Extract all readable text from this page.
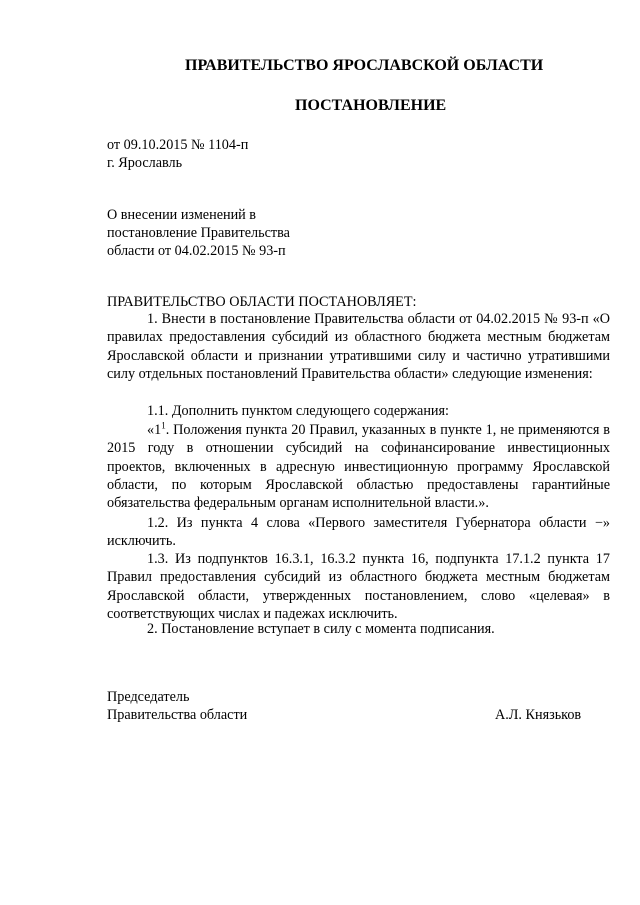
ПРАВИТЕЛЬСТВО ЯРОСЛАВСКОЙ ОБЛАСТИ
ПОСТАНОВЛЕНИЕ
от 09.10.2015 № 1104-п
г. Ярославль
О внесении изменений в
постановление Правительства
области от 04.02.2015 № 93-п
ПРАВИТЕЛЬСТВО ОБЛАСТИ ПОСТАНОВЛЯЕТ:
1. Внести в постановление Правительства области от 04.02.2015 № 93-п «О правилах предоставления субсидий из областного бюджета местным бюджетам Ярославской области и признании утратившими силу и частично утратившими силу отдельных постановлений Правительства области» следующие изменения:
1.1. Дополнить пунктом следующего содержания:
«$1^1$. Положения пункта 20 Правил, указанных в пункте 1, не применяются в 2015 году в отношении субсидий на софинансирование инвестиционных проектов, включенных в адресную инвестиционную программу Ярославской области, по которым Ярославской областью предоставлены гарантийные обязательства федеральным органам исполнительной власти.».
1.2. Из пункта 4 слова «Первого заместителя Губернатора области −» исключить.
1.3. Из подпунктов 16.3.1, 16.3.2 пункта 16, подпункта 17.1.2 пункта 17 Правил предоставления субсидий из областного бюджета местным бюджетам Ярославской области, утвержденных постановлением, слово «целевая» в соответствующих числах и падежах исключить.
2. Постановление вступает в силу с момента подписания.
Председатель
Правительства области	А.Л. Князьков
